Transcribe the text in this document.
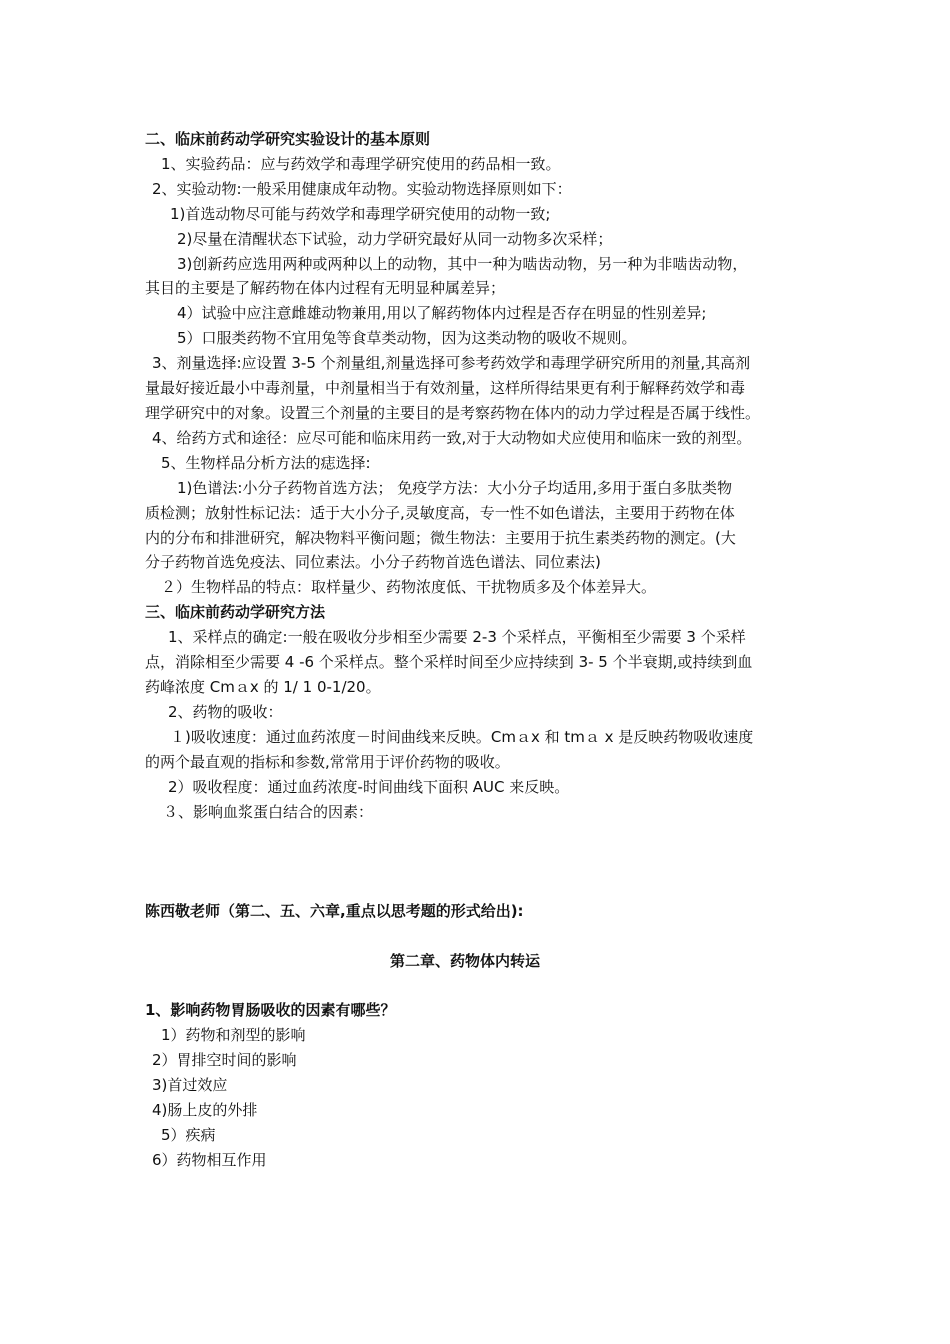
二、临床前药动学研究实验设计的基本原则
1、实验药品：应与药效学和毒理学研究使用的药品相一致。
2、实验动物:一般采用健康成年动物。实验动物选择原则如下：
1)首选动物尽可能与药效学和毒理学研究使用的动物一致;
2)尽量在清醒状态下试验，动力学研究最好从同一动物多次采样；
3)创新药应选用两种或两种以上的动物，其中一种为啮齿动物，另一种为非啮齿动物，
其目的主要是了解药物在体内过程有无明显种属差异；
4）试验中应注意雌雄动物兼用,用以了解药物体内过程是否存在明显的性别差异;
5）口服类药物不宜用兔等食草类动物，因为这类动物的吸收不规则。
3、剂量选择:应设置 3-5 个剂量组,剂量选择可参考药效学和毒理学研究所用的剂量,其高剂
量最好接近最小中毒剂量，中剂量相当于有效剂量，这样所得结果更有利于解释药效学和毒
理学研究中的对象。设置三个剂量的主要目的是考察药物在体内的动力学过程是否属于线性。
4、给药方式和途径：应尽可能和临床用药一致,对于大动物如犬应使用和临床一致的剂型。
5、生物样品分析方法的痣选择:
1)色谱法:小分子药物首选方法； 免疫学方法：大小分子均适用,多用于蛋白多肽类物
质检测；放射性标记法：适于大小分子,灵敏度高，专一性不如色谱法，主要用于药物在体
内的分布和排泄研究，解决物料平衡问题；微生物法：主要用于抗生素类药物的测定。(大
分子药物首选免疫法、同位素法。小分子药物首选色谱法、同位素法)
２）生物样品的特点：取样量少、药物浓度低、干扰物质多及个体差异大。
三、临床前药动学研究方法
1、采样点的确定:一般在吸收分步相至少需要 2-3 个采样点，平衡相至少需要 3 个采样
点，消除相至少需要 4 -6 个采样点。整个采样时间至少应持续到 3- 5 个半衰期,或持续到血
药峰浓度 Cmａx 的 1/ 1 0-1/20。
2、药物的吸收：
１)吸收速度：通过血药浓度－时间曲线来反映。Cmａx 和 tmａ x 是反映药物吸收速度
的两个最直观的指标和参数,常常用于评价药物的吸收。
2）吸收程度：通过血药浓度-时间曲线下面积 AUC 来反映。
３、影响血浆蛋白结合的因素：
陈西敬老师（第二、五、六章,重点以思考题的形式给出):
第二章、药物体内转运
1、影响药物胃肠吸收的因素有哪些？
1）药物和剂型的影响
2）胃排空时间的影响
3)首过效应
4)肠上皮的外排
5）疾病
6）药物相互作用
